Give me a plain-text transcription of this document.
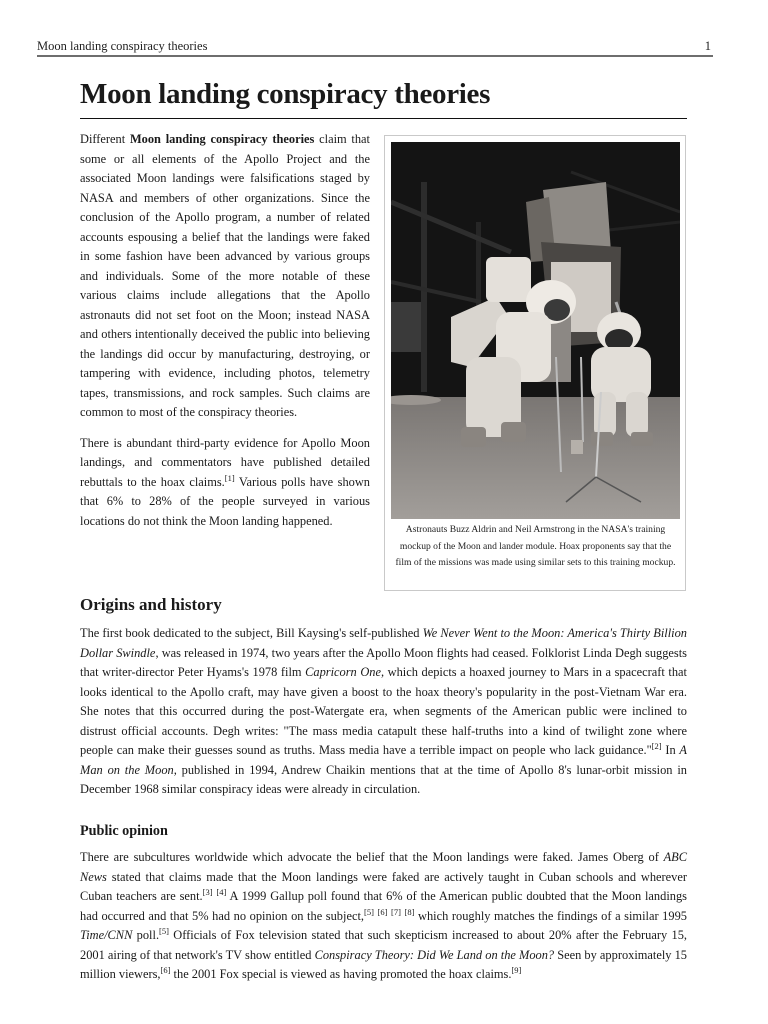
Moon landing conspiracy theories	1
Moon landing conspiracy theories

Different Moon landing conspiracy theories claim that some or all elements of the Apollo Project and the associated Moon landings were falsifications staged by NASA and members of other organizations. Since the conclusion of the Apollo program, a number of related accounts espousing a belief that the landings were faked in some fashion have been advanced by various groups and individuals. Some of the more notable of these various claims include allegations that the Apollo astronauts did not set foot on the Moon; instead NASA and others intentionally deceived the public into believing the landings did occur by manufacturing, destroying, or tampering with evidence, including photos, telemetry tapes, transmissions, and rock samples. Such claims are common to most of the conspiracy theories.

There is abundant third-party evidence for Apollo Moon landings, and commentators have published detailed rebuttals to the hoax claims.[1] Various polls have shown that 6% to 28% of the people surveyed in various locations do not think the Moon landing happened.

Astronauts Buzz Aldrin and Neil Armstrong in the NASA's training mockup of the Moon and lander module. Hoax proponents say that the film of the missions was made using similar sets to this training mockup.
Origins and history

The first book dedicated to the subject, Bill Kaysing's self-published We Never Went to the Moon: America's Thirty Billion Dollar Swindle, was released in 1974, two years after the Apollo Moon flights had ceased. Folklorist Linda Degh suggests that writer-director Peter Hyams's 1978 film Capricorn One, which depicts a hoaxed journey to Mars in a spacecraft that looks identical to the Apollo craft, may have given a boost to the hoax theory's popularity in the post-Vietnam War era. She notes that this occurred during the post-Watergate era, when segments of the American public were inclined to distrust official accounts. Degh writes: "The mass media catapult these half-truths into a kind of twilight zone where people can make their guesses sound as truths. Mass media have a terrible impact on people who lack guidance."[2] In A Man on the Moon, published in 1994, Andrew Chaikin mentions that at the time of Apollo 8's lunar-orbit mission in December 1968 similar conspiracy ideas were already in circulation.

Public opinion

There are subcultures worldwide which advocate the belief that the Moon landings were faked. James Oberg of ABC News stated that claims made that the Moon landings were faked are actively taught in Cuban schools and wherever Cuban teachers are sent.[3] [4] A 1999 Gallup poll found that 6% of the American public doubted that the Moon landings had occurred and that 5% had no opinion on the subject,[5] [6] [7] [8] which roughly matches the findings of a similar 1995 Time/CNN poll.[5] Officials of Fox television stated that such skepticism increased to about 20% after the February 15, 2001 airing of that network's TV show entitled Conspiracy Theory: Did We Land on the Moon? Seen by approximately 15 million viewers,[6] the 2001 Fox special is viewed as having promoted the hoax claims.[9]
